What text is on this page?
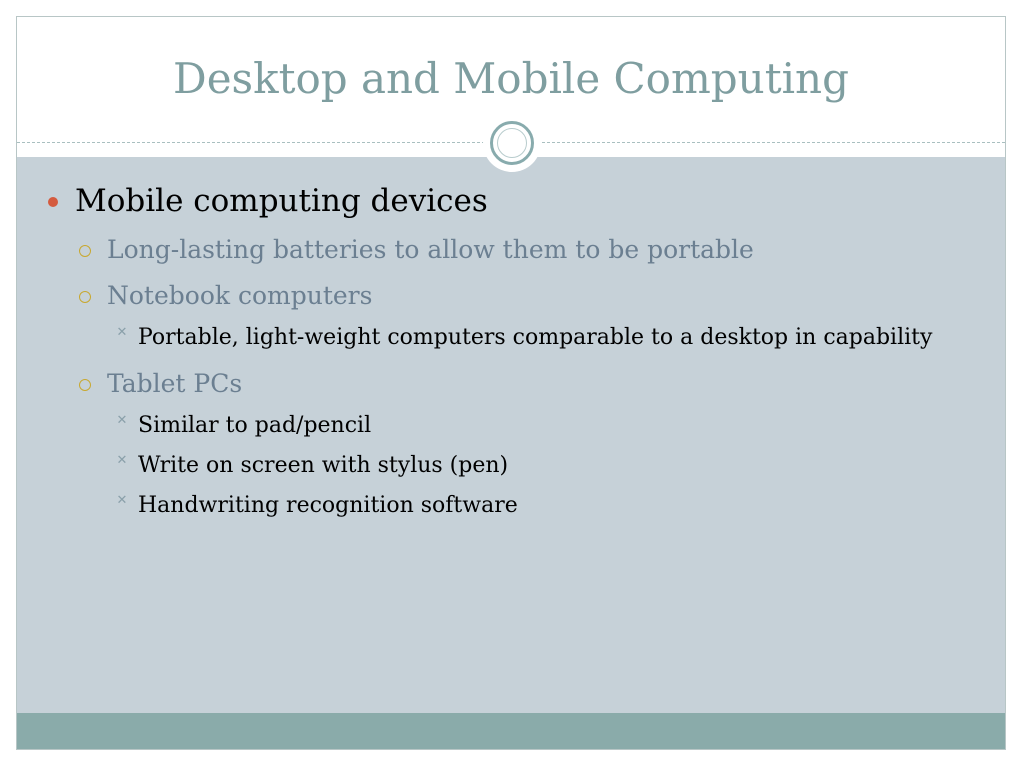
Desktop and Mobile Computing
Mobile computing devices
Long-lasting batteries to allow them to be portable
Notebook computers
✕ Portable, light-weight computers comparable to a desktop in capability
Tablet PCs
✕ Similar to pad/pencil
✕ Write on screen with stylus (pen)
✕ Handwriting recognition software
